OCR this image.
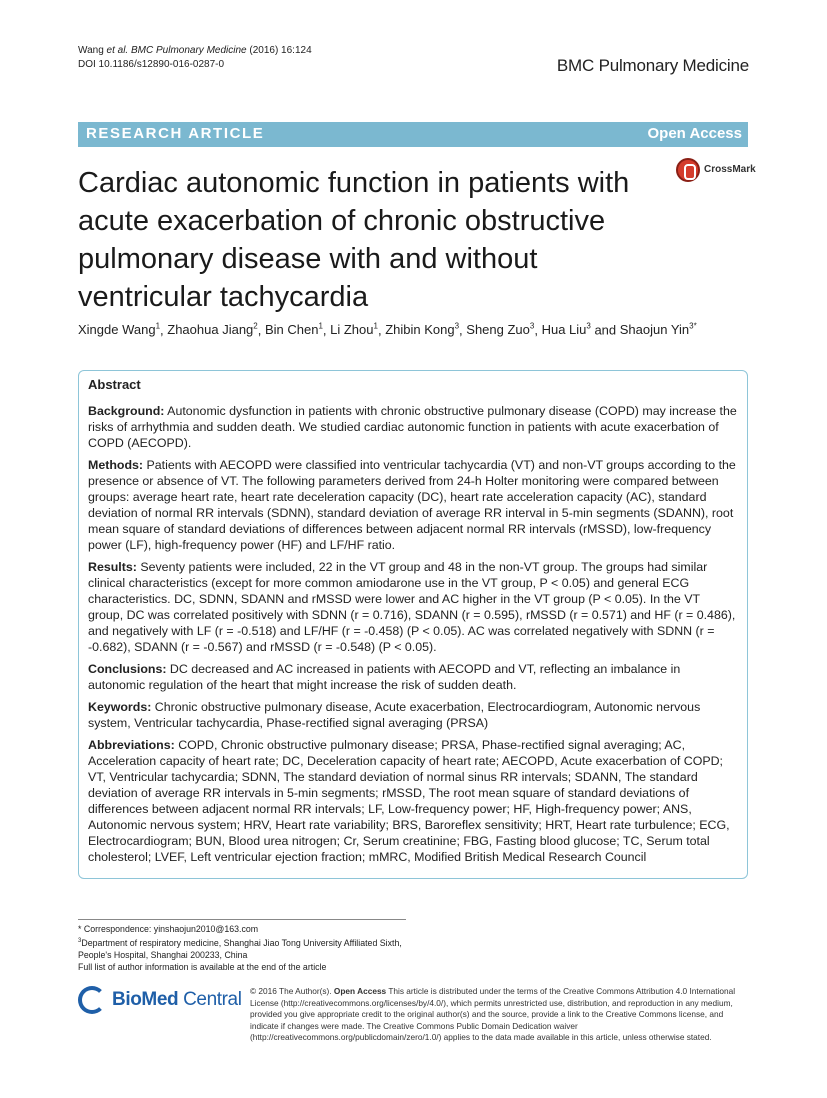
Wang et al. BMC Pulmonary Medicine (2016) 16:124
DOI 10.1186/s12890-016-0287-0	BMC Pulmonary Medicine
RESEARCH ARTICLE	Open Access
Cardiac autonomic function in patients with acute exacerbation of chronic obstructive pulmonary disease with and without ventricular tachycardia
CrossMark
Xingde Wang$^1$, Zhaohua Jiang$^2$, Bin Chen$^1$, Li Zhou$^1$, Zhibin Kong$^3$, Sheng Zuo$^3$, Hua Liu$^3$ and Shaojun Yin$^{3*}$
Abstract

Background: Autonomic dysfunction in patients with chronic obstructive pulmonary disease (COPD) may increase the risks of arrhythmia and sudden death. We studied cardiac autonomic function in patients with acute exacerbation of COPD (AECOPD).

Methods: Patients with AECOPD were classified into ventricular tachycardia (VT) and non-VT groups according to the presence or absence of VT. The following parameters derived from 24-h Holter monitoring were compared between groups: average heart rate, heart rate deceleration capacity (DC), heart rate acceleration capacity (AC), standard deviation of normal RR intervals (SDNN), standard deviation of average RR interval in 5-min segments (SDANN), root mean square of standard deviations of differences between adjacent normal RR intervals (rMSSD), low-frequency power (LF), high-frequency power (HF) and LF/HF ratio.

Results: Seventy patients were included, 22 in the VT group and 48 in the non-VT group. The groups had similar clinical characteristics (except for more common amiodarone use in the VT group, P < 0.05) and general ECG characteristics. DC, SDNN, SDANN and rMSSD were lower and AC higher in the VT group (P < 0.05). In the VT group, DC was correlated positively with SDNN (r = 0.716), SDANN (r = 0.595), rMSSD (r = 0.571) and HF (r = 0.486), and negatively with LF (r = -0.518) and LF/HF (r = -0.458) (P < 0.05). AC was correlated negatively with SDNN (r = -0.682), SDANN (r = -0.567) and rMSSD (r = -0.548) (P < 0.05).

Conclusions: DC decreased and AC increased in patients with AECOPD and VT, reflecting an imbalance in autonomic regulation of the heart that might increase the risk of sudden death.

Keywords: Chronic obstructive pulmonary disease, Acute exacerbation, Electrocardiogram, Autonomic nervous system, Ventricular tachycardia, Phase-rectified signal averaging (PRSA)

Abbreviations: COPD, Chronic obstructive pulmonary disease; PRSA, Phase-rectified signal averaging; AC, Acceleration capacity of heart rate; DC, Deceleration capacity of heart rate; AECOPD, Acute exacerbation of COPD; VT, Ventricular tachycardia; SDNN, The standard deviation of normal sinus RR intervals; SDANN, The standard deviation of average RR intervals in 5-min segments; rMSSD, The root mean square of standard deviations of differences between adjacent normal RR intervals; LF, Low-frequency power; HF, High-frequency power; ANS, Autonomic nervous system; HRV, Heart rate variability; BRS, Baroreflex sensitivity; HRT, Heart rate turbulence; ECG, Electrocardiogram; BUN, Blood urea nitrogen; Cr, Serum creatinine; FBG, Fasting blood glucose; TC, Serum total cholesterol; LVEF, Left ventricular ejection fraction; mMRC, Modified British Medical Research Council

* Correspondence: yinshaojun2010@163.com
$^3$Department of respiratory medicine, Shanghai Jiao Tong University Affiliated Sixth, People's Hospital, Shanghai 200233, China
Full list of author information is available at the end of the article
BioMed Central © 2016 The Author(s). Open Access This article is distributed under the terms of the Creative Commons Attribution 4.0 International License (http://creativecommons.org/licenses/by/4.0/), which permits unrestricted use, distribution, and reproduction in any medium, provided you give appropriate credit to the original author(s) and the source, provide a link to the Creative Commons license, and indicate if changes were made. The Creative Commons Public Domain Dedication waiver (http://creativecommons.org/publicdomain/zero/1.0/) applies to the data made available in this article, unless otherwise stated.
